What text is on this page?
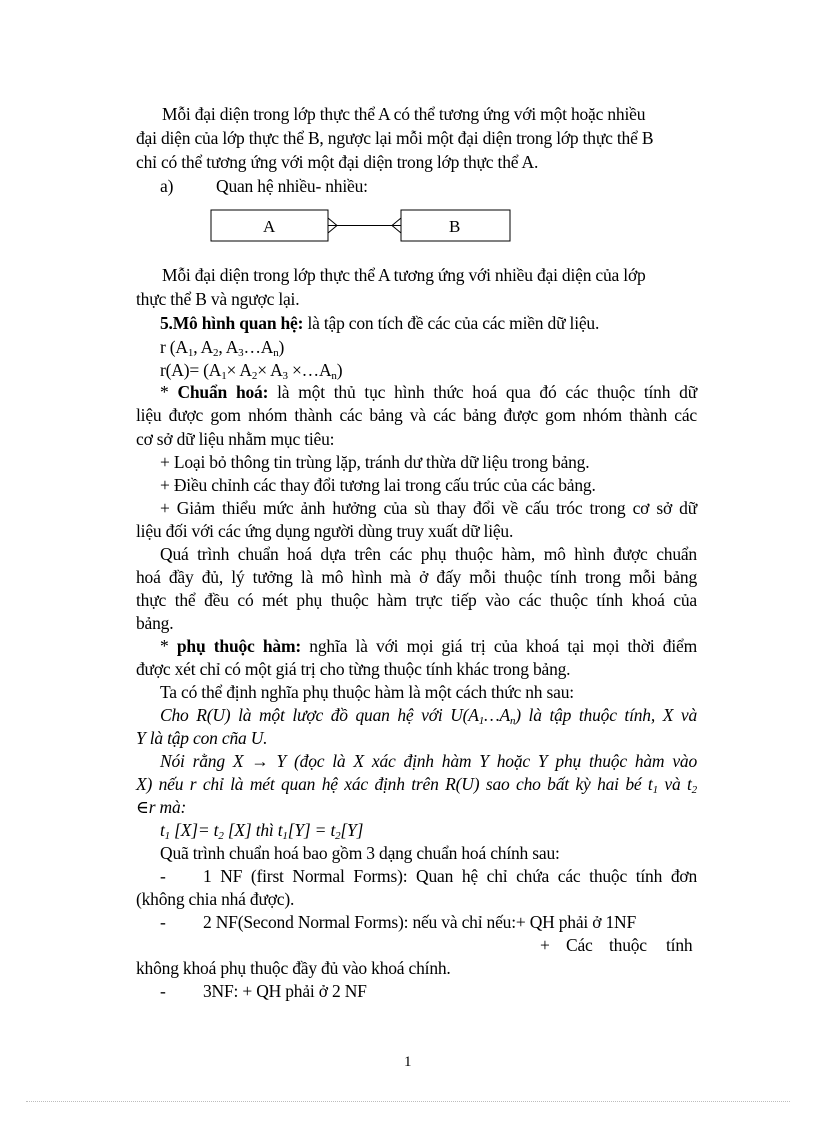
Mỗi đại diện trong lớp thực thể A có thể tương ứng với một hoặc nhiều
đại diện của lớp thực thể B, ngược lại mỗi một đại diện trong lớp thực thể B
chỉ có thể tương ứng với một đại diện trong lớp thực thể A.
a) Quan hệ nhiều- nhiều:
A	B
Mỗi đại diện trong lớp thực thể A tương ứng với nhiều đại diện của lớp
thực thể B và ngược lại.
5.Mô hình quan hệ: là tập con tích đề các của các miền dữ liệu.
r ($A_1$, $A_2$, $A_3\dots A_n$)
$r(A)= (A_1\times A_2\times A_3$ $\times\dots A_n$)
* Chuẩn hoá: là một thủ tục hình thức hoá qua đó các thuộc tính dữ
liệu được gom nhóm thành các bảng và các bảng được gom nhóm thành các
cơ sở dữ liệu nhằm mục tiêu:
+ Loại bỏ thông tin trùng lặp, tránh dư thừa dữ liệu trong bảng.
+ Điều chỉnh các thay đổi tương lai trong cấu trúc của các bảng.
+ Giảm thiểu mức ảnh hưởng của sù thay đổi về cấu tróc trong cơ sở dữ
liệu đối với các ứng dụng người dùng truy xuất dữ liệu.
Quá trình chuẩn hoá dựa trên các phụ thuộc hàm, mô hình được chuẩn
hoá đầy đủ, lý tưởng là mô hình mà ở đấy mỗi thuộc tính trong mỗi bảng
thực thể đều có mét phụ thuộc hàm trực tiếp vào các thuộc tính khoá của
bảng.
* phụ thuộc hàm: nghĩa là với mọi giá trị của khoá tại mọi thời điểm
được xét chỉ có một giá trị cho từng thuộc tính khác trong bảng.
Ta có thể định nghĩa phụ thuộc hàm là một cách thức nh sau:
Cho R(U) là một lược đồ quan hệ với $U(A_1\dots A_n)$ là tập thuộc tính, X và
Y là tập con cña U.
Nói rằng X → Y (đọc là X xác định hàm Y hoặc Y phụ thuộc hàm vào
X) nếu r chỉ là mét quan hệ xác định trên R(U) sao cho bất kỳ hai bé $t_1$ và $t_2$
∈r mà:
$t_1$ $[X]= t_2$ [X] thì $t_1[Y] = t_2[Y]$
Quã trình chuẩn hoá bao gồm 3 dạng chuẩn hoá chính sau:
- 1 NF (first Normal Forms): Quan hệ chỉ chứa các thuộc tính đơn
(không chia nhá được).
- 2 NF(Second Normal Forms): nếu và chỉ nếu:+ QH phải ở 1NF
+ Các thuộc tính
không khoá phụ thuộc đầy đủ vào khoá chính.
- 3NF: + QH phải ở 2 NF
1
